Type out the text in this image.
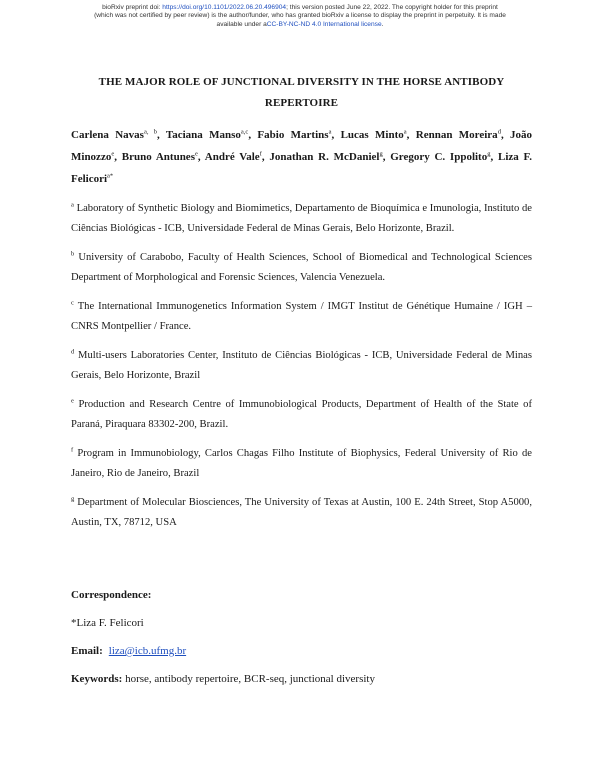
bioRxiv preprint doi: https://doi.org/10.1101/2022.06.20.496904; this version posted June 22, 2022. The copyright holder for this preprint
(which was not certified by peer review) is the author/funder, who has granted bioRxiv a license to display the preprint in perpetuity. It is made
available under aCC-BY-NC-ND 4.0 International license.
THE MAJOR ROLE OF JUNCTIONAL DIVERSITY IN THE HORSE ANTIBODY
REPERTOIRE
Carlena Navas$^{a, b}$, Taciana Manso$^{a,c}$, Fabio Martins$^a$, Lucas Minto$^a$, Rennan Moreira$^d$, João Minozzo$^e$, Bruno Antunes$^e$, André Vale$^f$, Jonathan R. McDaniel$^g$, Gregory C. Ippolito$^g$, Liza F. Felicori$^{a*}$
$^a$ Laboratory of Synthetic Biology and Biomimetics, Departamento de Bioquímica e Imunologia, Instituto de Ciências Biológicas - ICB, Universidade Federal de Minas Gerais, Belo Horizonte, Brazil.
$^b$ University of Carabobo, Faculty of Health Sciences, School of Biomedical and Technological Sciences Department of Morphological and Forensic Sciences, Valencia Venezuela.
$^c$ The International Immunogenetics Information System / IMGT Institut de Génétique Humaine / IGH – CNRS Montpellier / France.
$^d$ Multi-users Laboratories Center, Instituto de Ciências Biológicas - ICB, Universidade Federal de Minas Gerais, Belo Horizonte, Brazil
$^e$ Production and Research Centre of Immunobiological Products, Department of Health of the State of Paraná, Piraquara 83302-200, Brazil.
$^f$ Program in Immunobiology, Carlos Chagas Filho Institute of Biophysics, Federal University of Rio de Janeiro, Rio de Janeiro, Brazil
$^g$ Department of Molecular Biosciences, The University of Texas at Austin, 100 E. 24th Street, Stop A5000, Austin, TX, 78712, USA
Correspondence:
*Liza F. Felicori
Email: liza@icb.ufmg.br
Keywords: horse, antibody repertoire, BCR-seq, junctional diversity
